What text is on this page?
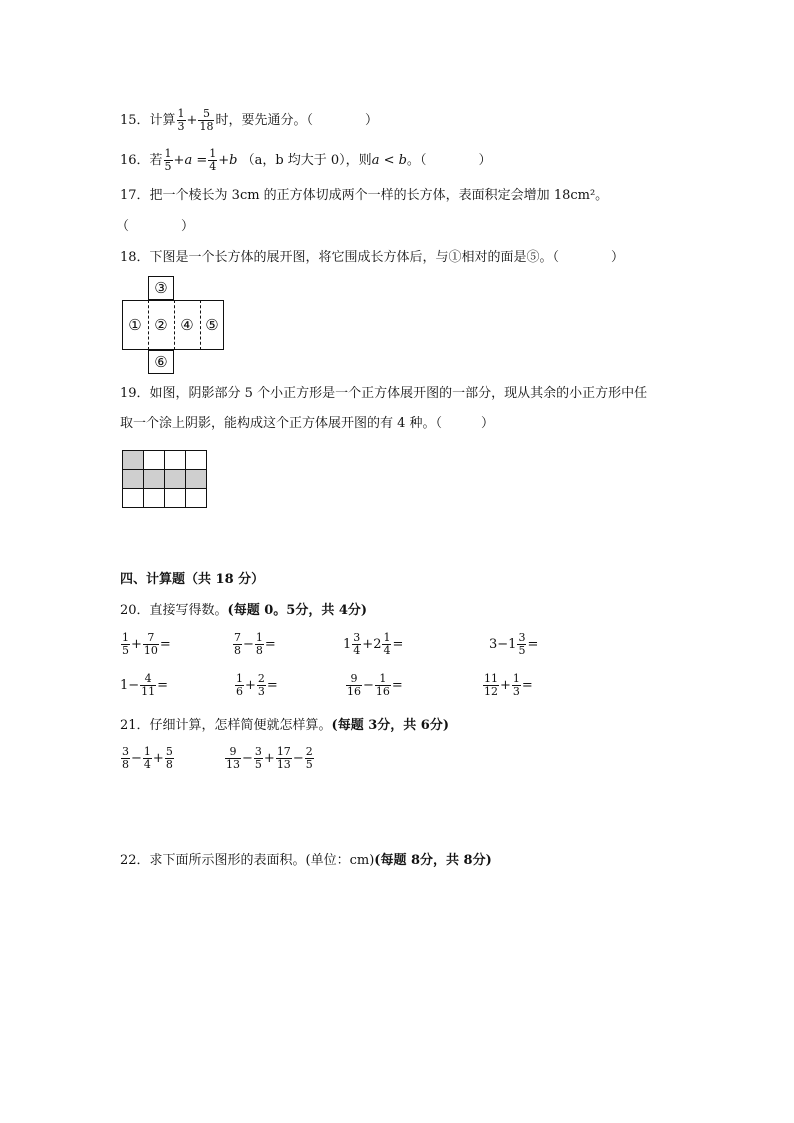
15．计算 $\frac{1}{3} + \frac{5}{18}$ 时，要先通分。（　　　　）
16．若 $\frac{1}{5} +a = \frac{1}{4} +b$ （a，b 均大于 0），则a < b。（　　　　）
17．把一个棱长为 3cm 的正方体切成两个一样的长方体，表面积定会增加 18cm²。
（　　　　）
18．下图是一个长方体的展开图，将它围成长方体后，与①相对的面是⑤。（　　　　）
③
① ② ④ ⑤
⑥
19．如图，阴影部分 5 个小正方形是一个正方体展开图的一部分，现从其余的小正方形中任
取一个涂上阴影，能构成这个正方体展开图的有 4 种。（　　　）

四、计算题（共 18 分）
20．直接写得数。(每题 0。5分，共 4分)
$\frac{1}{5} + \frac{7}{10}$ =	$\frac{7}{8} - \frac{1}{8}$ =	$1 \frac{3}{4} +2 \frac{1}{4}$ =	$3-1 \frac{3}{5}$ =
$1- \frac{4}{11}$ =	$\frac{1}{6} + \frac{2}{3}$ =	$\frac{9}{16} - \frac{1}{16}$ =	$\frac{11}{12} + \frac{1}{3}$ =
21．仔细计算，怎样简便就怎样算。(每题 3分，共 6分)
$\frac{3}{8} - \frac{1}{4} + \frac{5}{8}$	$\frac{9}{13} - \frac{3}{5} + \frac{17}{13} - \frac{2}{5}$
22．求下面所示图形的表面积。(单位：cm)(每题 8分，共 8分)
